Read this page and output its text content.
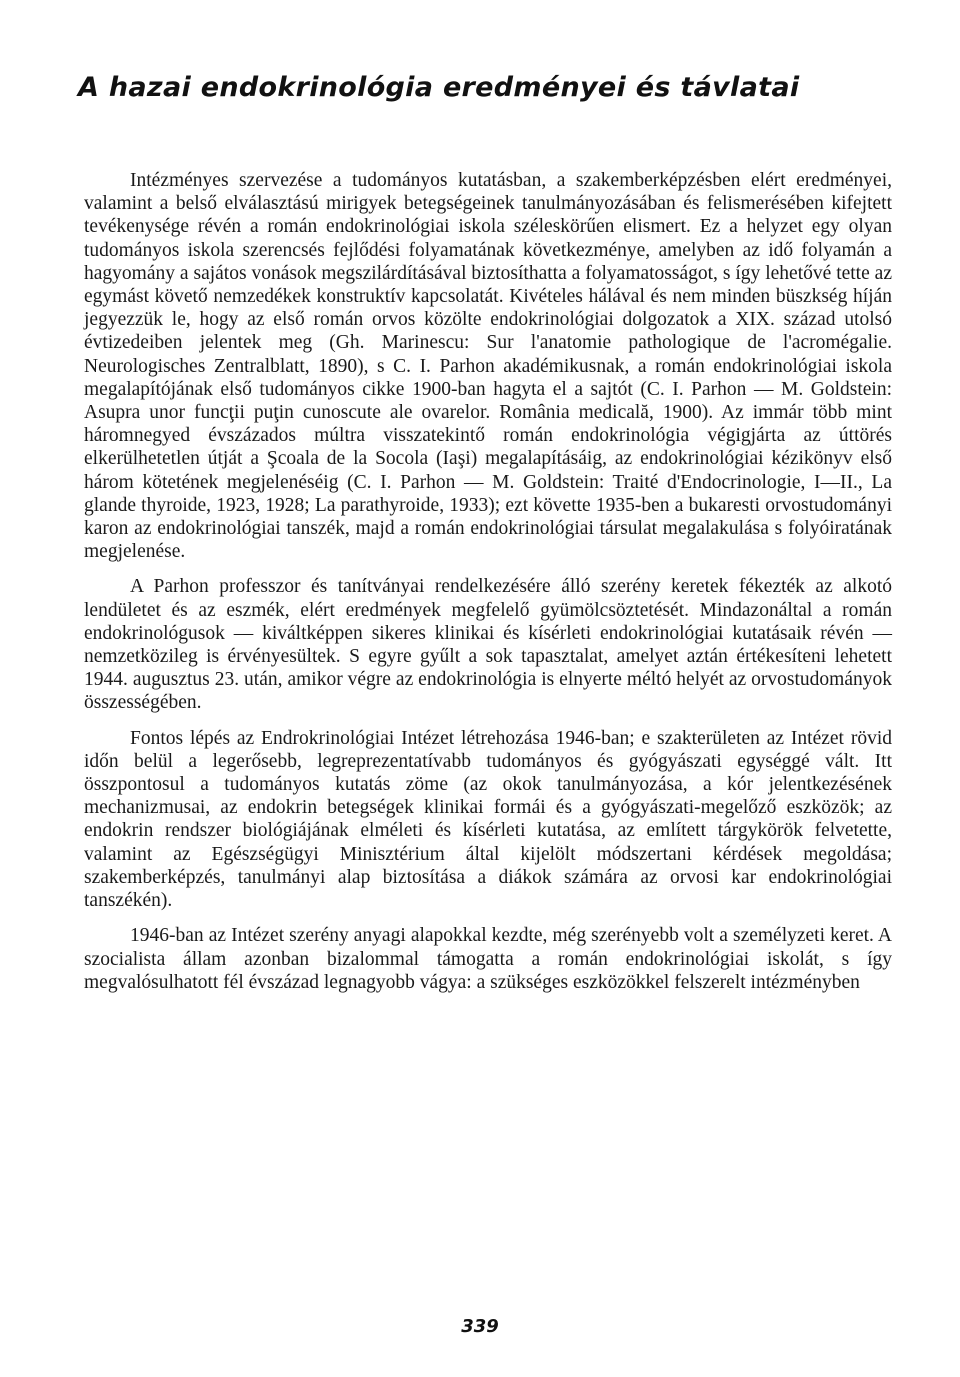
A hazai endokrinológia eredményei és távlatai

Intézményes szervezése a tudományos kutatásban, a szakemberképzésben elért eredményei, valamint a belső elválasztású mirigyek betegségeinek tanulmányozásában és felismerésében kifejtett tevékenysége révén a román endokrinológiai iskola széleskörűen elismert. Ez a helyzet egy olyan tudományos iskola szerencsés fejlődési folyamatának következménye, amelyben az idő folyamán a hagyomány a sajátos vonások megszilárdításával biztosíthatta a folyamatosságot, s így lehetővé tette az egymást követő nemzedékek konstruktív kapcsolatát. Kivételes hálával és nem minden büszkség híján jegyezzük le, hogy az első román orvos közölte endokrinológiai dolgozatok a XIX. század utolsó évtizedeiben jelentek meg (Gh. Marinescu: Sur l'anatomie pathologique de l'acromégalie. Neurologisches Zentralblatt, 1890), s C. I. Parhon akadémikusnak, a román endokrinológiai iskola megalapítójának első tudományos cikke 1900-ban hagyta el a sajtót (C. I. Parhon — M. Goldstein: Asupra unor funcţii puţin cunoscute ale ovarelor. România medicală, 1900). Az immár több mint háromnegyed évszázados múltra visszatekintő román endokrinológia végigjárta az úttörés elkerülhetetlen útját a Şcoala de la Socola (Iaşi) megalapításáig, az endokrinológiai kézikönyv első három kötetének megjelenéséig (C. I. Parhon — M. Goldstein: Traité d'Endocrinologie, I—II., La glande thyroide, 1923, 1928; La parathyroide, 1933); ezt követte 1935-ben a bukaresti orvostudományi karon az endokrinológiai tanszék, majd a román endokrinológiai társulat megalakulása s folyóiratának megjelenése.

A Parhon professzor és tanítványai rendelkezésére álló szerény keretek fékezték az alkotó lendületet és az eszmék, elért eredmények megfelelő gyümölcsöztetését. Mindazonáltal a román endokrinológusok — kiváltképpen sikeres klinikai és kísérleti endokrinológiai kutatásaik révén — nemzetközileg is érvényesültek. S egyre gyűlt a sok tapasztalat, amelyet aztán értékesíteni lehetett 1944. augusztus 23. után, amikor végre az endokrinológia is elnyerte méltó helyét az orvostudományok összességében.

Fontos lépés az Endrokrinológiai Intézet létrehozása 1946-ban; e szakterületen az Intézet rövid időn belül a legerősebb, legreprezentatívabb tudományos és gyógyászati egységgé vált. Itt összpontosul a tudományos kutatás zöme (az okok tanulmányozása, a kór jelentkezésének mechanizmusai, az endokrin betegségek klinikai formái és a gyógyászati-megelőző eszközök; az endokrin rendszer biológiájának elméleti és kísérleti kutatása, az említett tárgykörök felvetette, valamint az Egészségügyi Minisztérium által kijelölt módszertani kérdések megoldása; szakemberképzés, tanulmányi alap biztosítása a diákok számára az orvosi kar endokrinológiai tanszékén).

1946-ban az Intézet szerény anyagi alapokkal kezdte, még szerényebb volt a személyzeti keret. A szocialista állam azonban bizalommal támogatta a román endokrinológiai iskolát, s így megvalósulhatott fél évszázad legnagyobb vágya: a szükséges eszközökkel felszerelt intézményben

339
